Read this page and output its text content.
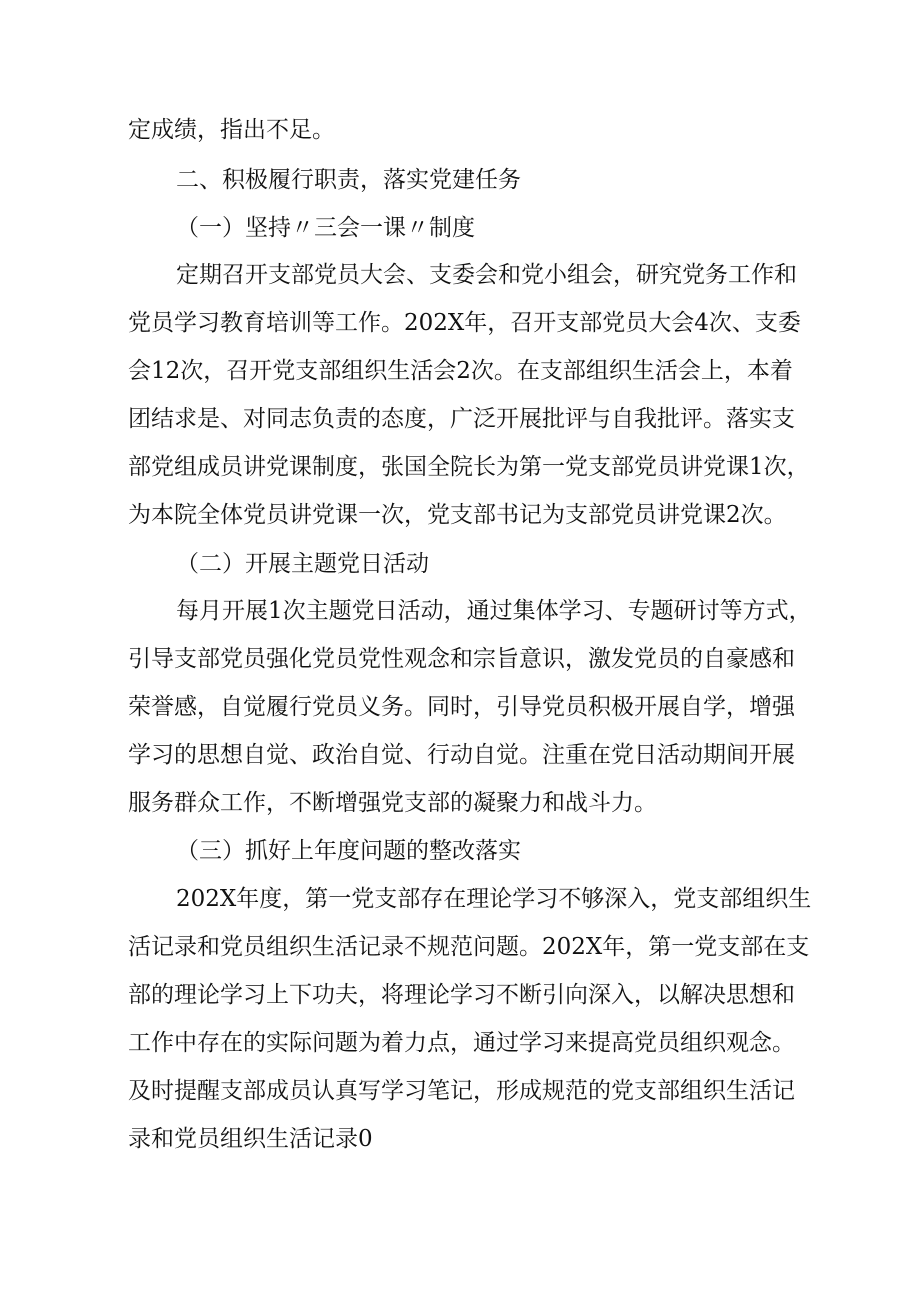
定成绩，指出不足。
二、积极履行职责，落实党建任务
（一）坚持〃三会一课〃制度
定期召开支部党员大会、支委会和党小组会，研究党务工作和
党员学习教育培训等工作。202X年，召开支部党员大会4次、支委
会12次，召开党支部组织生活会2次。在支部组织生活会上，本着
团结求是、对同志负责的态度，广泛开展批评与自我批评。落实支
部党组成员讲党课制度，张国全院长为第一党支部党员讲党课1次，
为本院全体党员讲党课一次，党支部书记为支部党员讲党课2次。
（二）开展主题党日活动
每月开展1次主题党日活动，通过集体学习、专题研讨等方式，
引导支部党员强化党员党性观念和宗旨意识，激发党员的自豪感和
荣誉感，自觉履行党员义务。同时，引导党员积极开展自学，增强
学习的思想自觉、政治自觉、行动自觉。注重在党日活动期间开展
服务群众工作，不断增强党支部的凝聚力和战斗力。
（三）抓好上年度问题的整改落实
202X年度，第一党支部存在理论学习不够深入，党支部组织生
活记录和党员组织生活记录不规范问题。202X年，第一党支部在支
部的理论学习上下功夫，将理论学习不断引向深入，以解决思想和
工作中存在的实际问题为着力点，通过学习来提高党员组织观念。
及时提醒支部成员认真写学习笔记，形成规范的党支部组织生活记
录和党员组织生活记录0
